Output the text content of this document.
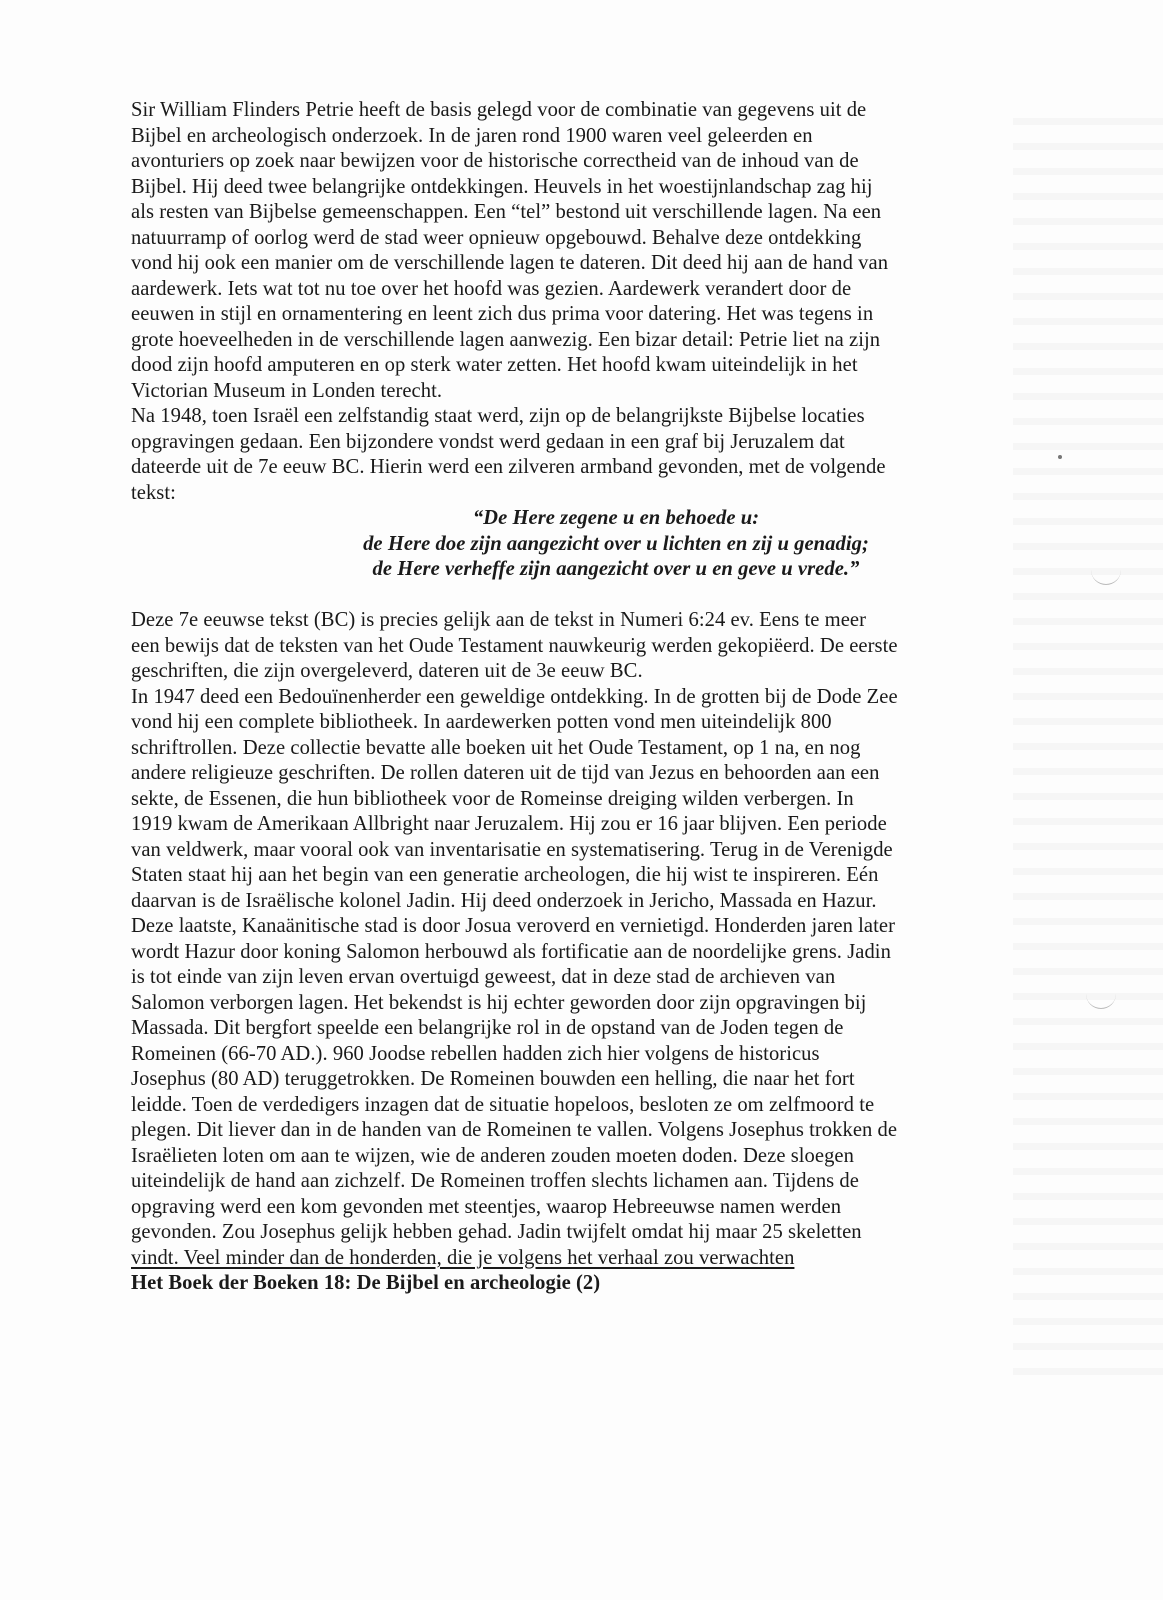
Sir William Flinders Petrie heeft de basis gelegd voor de combinatie van gegevens uit de
Bijbel en archeologisch onderzoek. In de jaren rond 1900 waren veel geleerden en
avonturiers op zoek naar bewijzen voor de historische correctheid van de inhoud van de
Bijbel. Hij deed twee belangrijke ontdekkingen. Heuvels in het woestijnlandschap zag hij
als resten van Bijbelse gemeenschappen. Een “tel” bestond uit verschillende lagen. Na een
natuurramp of oorlog werd de stad weer opnieuw opgebouwd. Behalve deze ontdekking
vond hij ook een manier om de verschillende lagen te dateren. Dit deed hij aan de hand van
aardewerk. Iets wat tot nu toe over het hoofd was gezien. Aardewerk verandert door de
eeuwen in stijl en ornamentering en leent zich dus prima voor datering. Het was tegens in
grote hoeveelheden in de verschillende lagen aanwezig. Een bizar detail: Petrie liet na zijn
dood zijn hoofd amputeren en op sterk water zetten. Het hoofd kwam uiteindelijk in het
Victorian Museum in Londen terecht.
Na 1948, toen Israël een zelfstandig staat werd, zijn op de belangrijkste Bijbelse locaties
opgravingen gedaan. Een bijzondere vondst werd gedaan in een graf bij Jeruzalem dat
dateerde uit de 7e eeuw BC. Hierin werd een zilveren armband gevonden, met de volgende
tekst:
“De Here zegene u en behoede u:
de Here doe zijn aangezicht over u lichten en zij u genadig;
de Here verheffe zijn aangezicht over u en geve u vrede.”
Deze 7e eeuwse tekst (BC) is precies gelijk aan de tekst in Numeri 6:24 ev. Eens te meer
een bewijs dat de teksten van het Oude Testament nauwkeurig werden gekopiëerd. De eerste
geschriften, die zijn overgeleverd, dateren uit de 3e eeuw BC.
In 1947 deed een Bedouïnenherder een geweldige ontdekking. In de grotten bij de Dode Zee
vond hij een complete bibliotheek. In aardewerken potten vond men uiteindelijk 800
schriftrollen. Deze collectie bevatte alle boeken uit het Oude Testament, op 1 na, en nog
andere religieuze geschriften. De rollen dateren uit de tijd van Jezus en behoorden aan een
sekte, de Essenen, die hun bibliotheek voor de Romeinse dreiging wilden verbergen. In
1919 kwam de Amerikaan Allbright naar Jeruzalem. Hij zou er 16 jaar blijven. Een periode
van veldwerk, maar vooral ook van inventarisatie en systematisering. Terug in de Verenigde
Staten staat hij aan het begin van een generatie archeologen, die hij wist te inspireren. Eén
daarvan is de Israëlische kolonel Jadin. Hij deed onderzoek in Jericho, Massada en Hazur.
Deze laatste, Kanaänitische stad is door Josua veroverd en vernietigd. Honderden jaren later
wordt Hazur door koning Salomon herbouwd als fortificatie aan de noordelijke grens. Jadin
is tot einde van zijn leven ervan overtuigd geweest, dat in deze stad de archieven van
Salomon verborgen lagen. Het bekendst is hij echter geworden door zijn opgravingen bij
Massada. Dit bergfort speelde een belangrijke rol in de opstand van de Joden tegen de
Romeinen (66-70 AD.). 960 Joodse rebellen hadden zich hier volgens de historicus
Josephus (80 AD) teruggetrokken. De Romeinen bouwden een helling, die naar het fort
leidde. Toen de verdedigers inzagen dat de situatie hopeloos, besloten ze om zelfmoord te
plegen. Dit liever dan in de handen van de Romeinen te vallen. Volgens Josephus trokken de
Israëlieten loten om aan te wijzen, wie de anderen zouden moeten doden. Deze sloegen
uiteindelijk de hand aan zichzelf. De Romeinen troffen slechts lichamen aan. Tijdens de
opgraving werd een kom gevonden met steentjes, waarop Hebreeuwse namen werden
gevonden. Zou Josephus gelijk hebben gehad. Jadin twijfelt omdat hij maar 25 skeletten
vindt. Veel minder dan de honderden, die je volgens het verhaal zou verwachten
Het Boek der Boeken 18: De Bijbel en archeologie (2)
